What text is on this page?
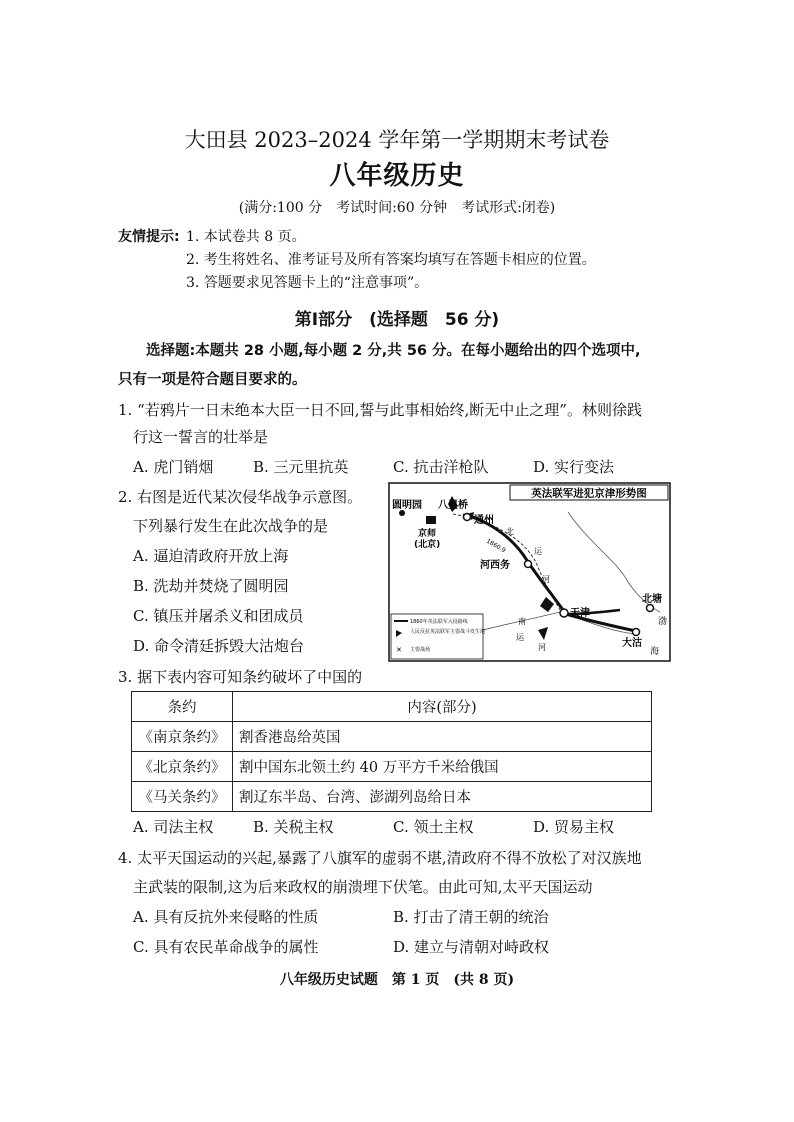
大田县 2023–2024 学年第一学期期末考试卷
八年级历史
(满分:100 分　考试时间:60 分钟　考试形式:闭卷)
友情提示: 1. 本试卷共 8 页。
2. 考生将姓名、准考证号及所有答案均填写在答题卡相应的位置。
3. 答题要求见答题卡上的“注意事项”。
第Ⅰ部分　(选择题　56 分)
选择题:本题共 28 小题,每小题 2 分,共 56 分。在每小题给出的四个选项中,
只有一项是符合题目要求的。
1. “若鸦片一日未绝本大臣一日不回,誓与此事相始终,断无中止之理”。林则徐践
行这一誓言的壮举是
A. 虎门销烟	B. 三元里抗英	C. 抗击洋枪队	D. 实行变法
2. 右图是近代某次侵华战争示意图。
下列暴行发生在此次战争的是
A. 逼迫清政府开放上海
B. 洗劫并焚烧了圆明园
C. 镇压并屠杀义和团成员
D. 命令清廷拆毁大沽炮台
英法联军进犯京津形势图
圆明园 八里桥
通州
京师
(北京)
河西务
天津
北塘
大沽
渤
海
北
运
河
南
运
河
1860.9
1860年英法联军入侵路线
人民反抗英法联军主要战斗发生地
✕ 主要战场
3. 据下表内容可知条约破坏了中国的
条约	内容(部分)
《南京条约》	割香港岛给英国
《北京条约》	割中国东北领土约 40 万平方千米给俄国
《马关条约》	割辽东半岛、台湾、澎湖列岛给日本
A. 司法主权	B. 关税主权	C. 领土主权	D. 贸易主权
4. 太平天国运动的兴起,暴露了八旗军的虚弱不堪,清政府不得不放松了对汉族地
主武装的限制,这为后来政权的崩溃埋下伏笔。由此可知,太平天国运动
A. 具有反抗外来侵略的性质	B. 打击了清王朝的统治
C. 具有农民革命战争的属性	D. 建立与清朝对峙政权
八年级历史试题　第 1 页　(共 8 页)
